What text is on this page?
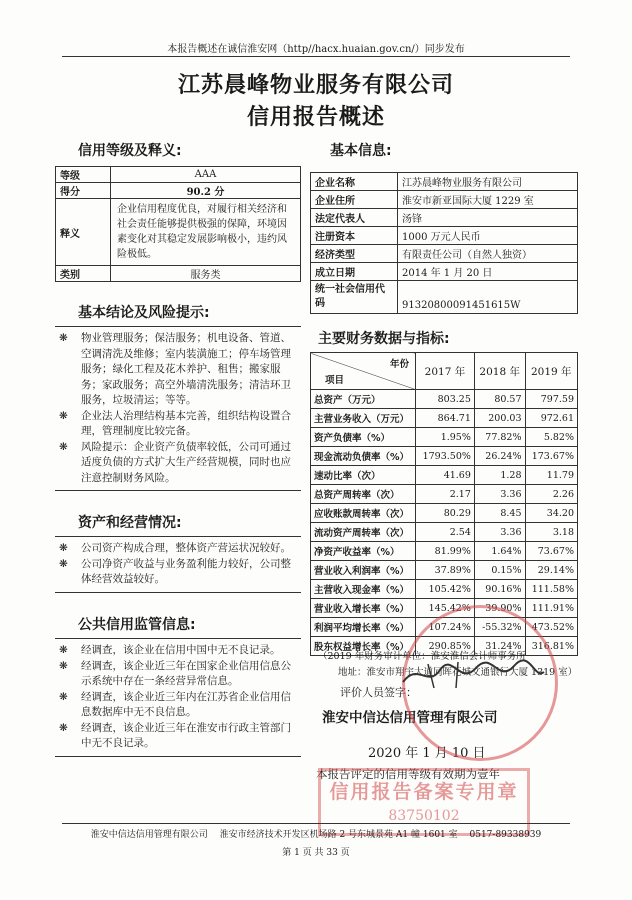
本报告概述在诚信淮安网（http//hacx.huaian.gov.cn/）同步发布
江苏晨峰物业服务有限公司
信用报告概述
信用等级及释义:
等级	AAA
得分	90.2 分
释义	企业信用程度优良，对履行相关经济和社会责任能够提供极强的保障，环境因素变化对其稳定发展影响极小，违约风险极低。
类别	服务类
基本结论及风险提示:
❋ 物业管理服务；保洁服务；机电设备、管道、空调清洗及维修；室内装潢施工；停车场管理服务；绿化工程及花木养护、租售；搬家服务；家政服务；高空外墙清洗服务；清洁环卫服务，垃圾清运；等等。
❋ 企业法人治理结构基本完善，组织结构设置合理，管理制度比较完备。
❋ 风险提示：企业资产负债率较低，公司可通过适度负债的方式扩大生产经营规模，同时也应注意控制财务风险。
资产和经营情况:
❋ 公司资产构成合理，整体资产营运状况较好。
❋ 公司净资产收益与业务盈利能力较好，公司整体经营效益较好。
公共信用监管信息:
❋ 经调查，该企业在信用中国中无不良记录。
❋ 经调查，该企业近三年在国家企业信用信息公示系统中存在一条经营异常信息。
❋ 经调查，该企业近三年内在江苏省企业信用信息数据库中无不良信息。
❋ 经调查，该企业近三年在淮安市行政主管部门中无不良记录。
基本信息:
企业名称	江苏晨峰物业服务有限公司
企业住所	淮安市新亚国际大厦 1229 室
法定代表人	汤锋
注册资本	1000 万元人民币
经济类型	有限责任公司（自然人独资）
成立日期	2014 年 1 月 20 日
统一社会信用代码	91320800091451615W
主要财务数据与指标:
年份
项目	2017 年	2018 年	2019 年
总资产（万元）	803.25	80.57	797.59
主营业务收入（万元）	864.71	200.03	972.61
资产负债率（%）	1.95%	77.82%	5.82%
现金流动负债率（%）	1793.50%	26.24%	173.67%
速动比率（次）	41.69	1.28	11.79
总资产周转率（次）	2.17	3.36	2.26
应收账款周转率（次）	80.29	8.45	34.20
流动资产周转率（次）	2.54	3.36	3.18
净资产收益率（%）	81.99%	1.64%	73.67%
营业收入利润率（%）	37.89%	0.15%	29.14%
主营收入现金率（%）	105.42%	90.16%	111.58%
营业收入增长率（%）	145.42%	39.90%	111.91%
利润平均增长率（%）	107.24%	-55.32%	473.52%
股东权益增长率（%）	290.85%	31.24%	316.81%
（2019 年财务审计单位：淮安淮信会计师事务所
地址：淮安市翔宇大道同晖花城文通银行大厦 1319 室）
评价人员签字：
淮安中信达信用管理有限公司
2020 年 1 月 10 日
本报告评定的信用等级有效期为壹年
信用报告备案专用章
83750102
淮安中信达信用管理有限公司　 淮安市经济技术开发区机场路 2 号东城景苑 A1 幢 1601 室　 0517-89338939
第 1 页 共 33 页
